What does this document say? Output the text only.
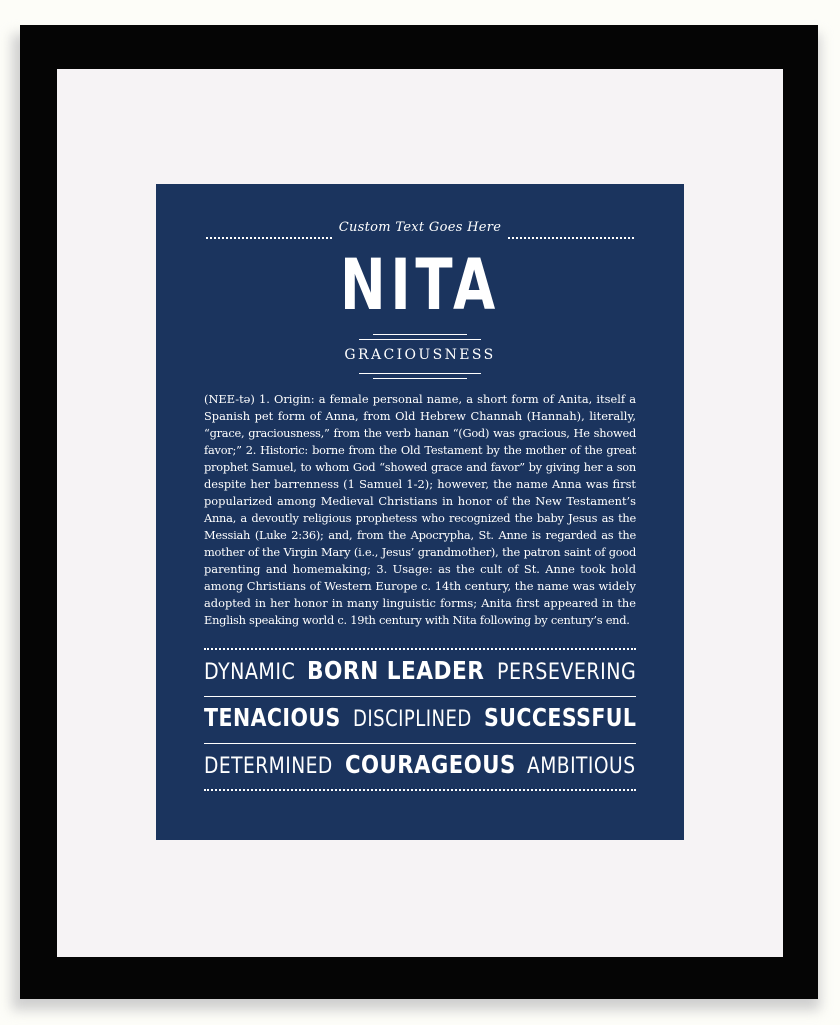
Custom Text Goes Here
NITA
GRACIOUSNESS
(NEE-tə) 1. Origin: a female personal name, a short form of Anita, itself a
Spanish pet form of Anna, from Old Hebrew Channah (Hannah), literally,
“grace, graciousness,” from the verb hanan “(God) was gracious, He showed
favor;” 2. Historic: borne from the Old Testament by the mother of the great
prophet Samuel, to whom God “showed grace and favor” by giving her a son
despite her barrenness (1 Samuel 1-2); however, the name Anna was first
popularized among Medieval Christians in honor of the New Testament’s
Anna, a devoutly religious prophetess who recognized the baby Jesus as the
Messiah (Luke 2:36); and, from the Apocrypha, St. Anne is regarded as the
mother of the Virgin Mary (i.e., Jesus’ grandmother), the patron saint of good
parenting and homemaking; 3. Usage: as the cult of St. Anne took hold
among Christians of Western Europe c. 14th century, the name was widely
adopted in her honor in many linguistic forms; Anita first appeared in the
English speaking world c. 19th century with Nita following by century’s end.
DYNAMIC BORN LEADER PERSEVERING
TENACIOUS DISCIPLINED SUCCESSFUL
DETERMINED COURAGEOUS AMBITIOUS
